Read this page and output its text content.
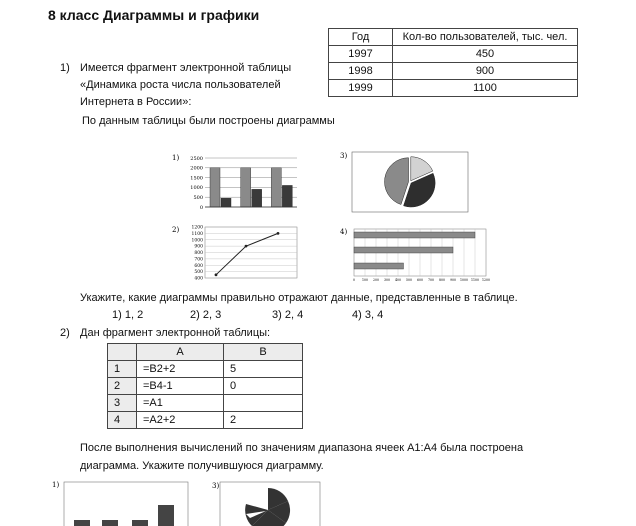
8 класс Диаграммы и графики
1) Имеется фрагмент электронной таблицы
«Динамика роста числа пользователей
Интернета в России»:
По данным таблицы были построены диаграммы
Год	Кол-во пользователей, тыс. чел.
1997	450
1998	900
1999	1100
1) 2500
2000
1500
1000
500
0
2)	1200
1100
1000
900
800
700
600
500
400
3)
4)
0 100 200 300 400 500 600 700 800 900 1000 1100 1200
Укажите, какие диаграммы правильно отражают данные, представленные в таблице.
1) 1, 2	2) 2, 3	3) 2, 4	4) 3, 4
2) Дан фрагмент электронной таблицы:
	A	B
1	=B2+2	5
2	=B4-1	0
3	=A1	
4	=A2+2	2
После выполнения вычислений по значениям диапазона ячеек А1:А4 была построена
диаграмма. Укажите получившуюся диаграмму.
1)	3)
